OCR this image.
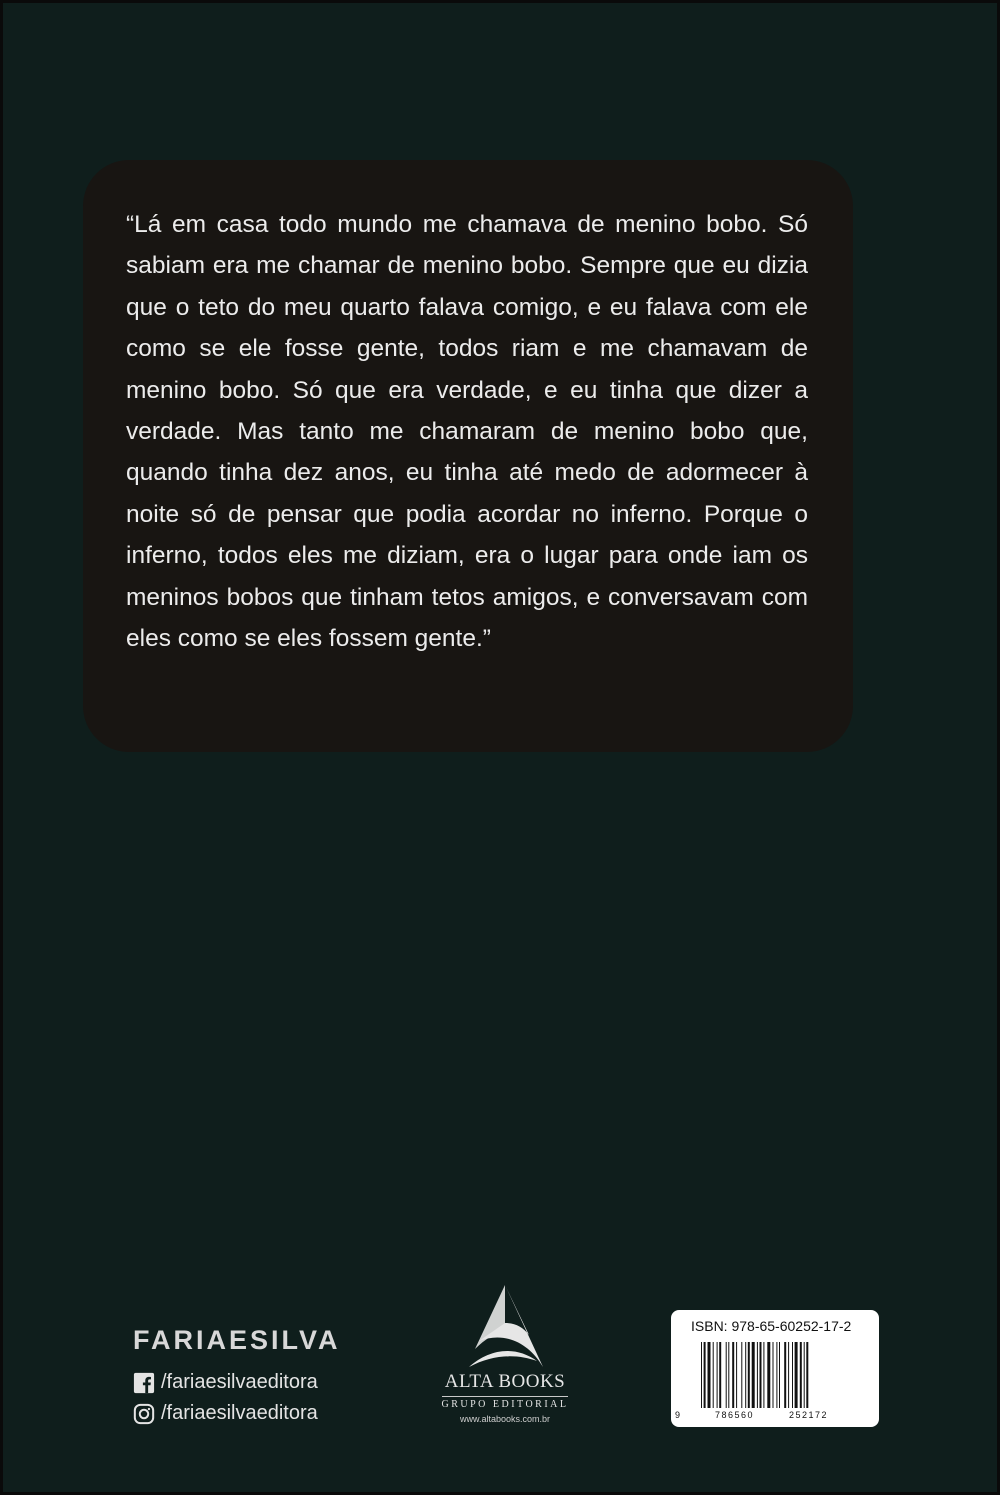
“Lá em casa todo mundo me chamava de menino bobo. Só sabiam era me chamar de menino bobo. Sempre que eu dizia que o teto do meu quarto falava comigo, e eu falava com ele como se ele fosse gente, todos riam e me chamavam de menino bobo. Só que era verdade, e eu tinha que dizer a verdade. Mas tanto me chamaram de menino bobo que, quando tinha dez anos, eu tinha até medo de adormecer à noite só de pensar que podia acordar no inferno. Porque o inferno, todos eles me diziam, era o lugar para onde iam os meninos bobos que tinham tetos amigos, e conversavam com eles como se eles fossem gente.”

FARIAESILVA
/fariaesilvaeditora
/fariaesilvaeditora
ALTA BOOKS
GRUPO EDITORIAL
www.altabooks.com.br

ISBN: 978-65-60252-17-2

9	786560	252172
